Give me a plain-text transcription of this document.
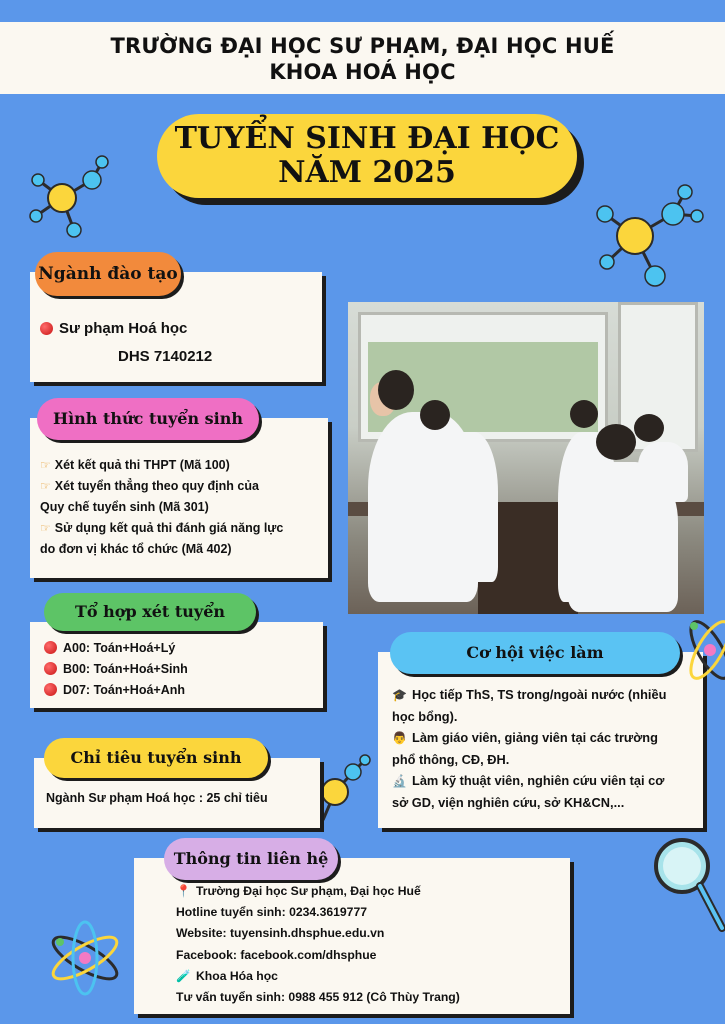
TRƯỜNG ĐẠI HỌC SƯ PHẠM, ĐẠI HỌC HUẾ
KHOA HOÁ HỌC
TUYỂN SINH ĐẠI HỌC
NĂM 2025
Ngành đào tạo
Sư phạm Hoá học
DHS 7140212
Hình thức tuyển sinh
☞ Xét kết quả thi THPT (Mã 100)
☞ Xét tuyển thẳng theo quy định của
Quy chế tuyển sinh (Mã 301)
☞ Sử dụng kết quả thi đánh giá năng lực
do đơn vị khác tổ chức (Mã 402)
Tổ hợp xét tuyển
A00: Toán+Hoá+Lý
B00: Toán+Hoá+Sinh
D07: Toán+Hoá+Anh
Chỉ tiêu tuyển sinh
Ngành Sư phạm Hoá học : 25 chỉ tiêu
Cơ hội việc làm
🎓 Học tiếp ThS, TS trong/ngoài nước (nhiều
học bổng).
👨 Làm giáo viên, giảng viên tại các trường
phổ thông, CĐ, ĐH.
🔬 Làm kỹ thuật viên, nghiên cứu viên tại cơ
sở GD, viện nghiên cứu, sở KH&CN,...
Thông tin liên hệ
📍 Trường Đại học Sư phạm, Đại học Huế
Hotline tuyển sinh: 0234.3619777
Website: tuyensinh.dhsphue.edu.vn
Facebook: facebook.com/dhsphue
🧪 Khoa Hóa học
Tư vấn tuyển sinh: 0988 455 912 (Cô Thùy Trang)
